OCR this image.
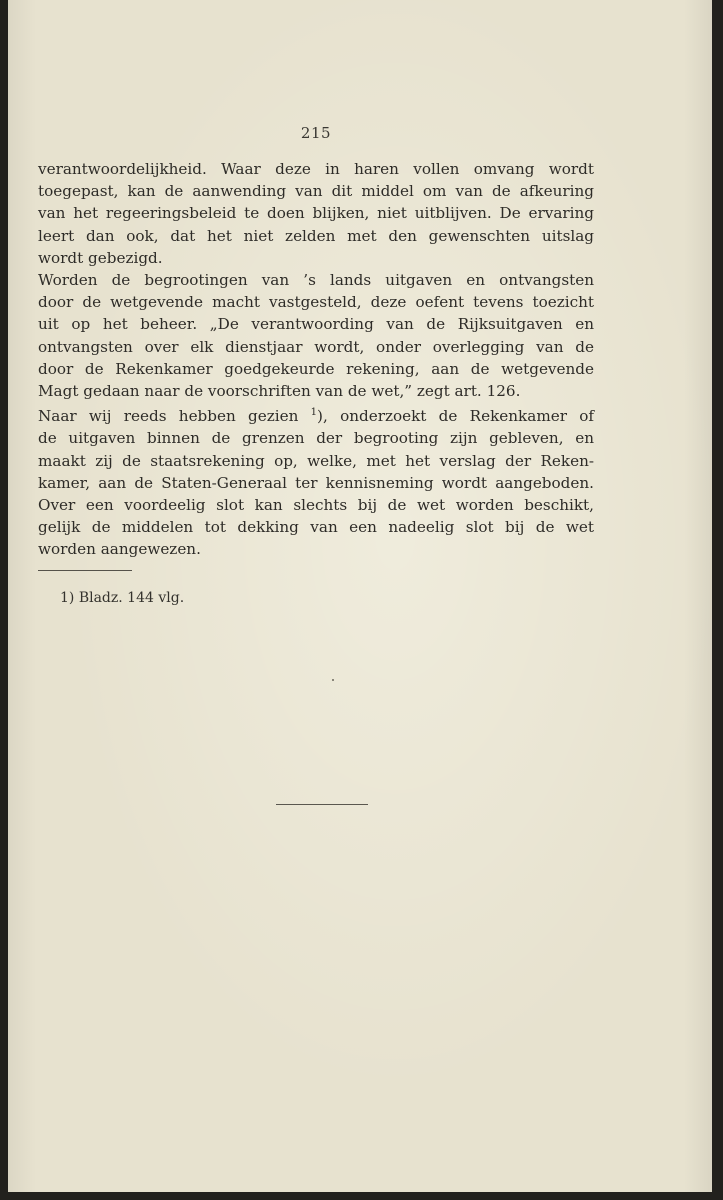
215
verantwoordelijkheid. Waar deze in haren vollen omvang wordt
toegepast, kan de aanwending van dit middel om van de afkeuring
van het regeeringsbeleid te doen blijken, niet uitblijven. De ervaring
leert dan ook, dat het niet zelden met den gewenschten uitslag
wordt gebezigd.
Worden de begrootingen van ’s lands uitgaven en ontvangsten
door de wetgevende macht vastgesteld, deze oefent tevens toezicht
uit op het beheer. „De verantwoording van de Rijksuitgaven en
ontvangsten over elk dienstjaar wordt, onder overlegging van de
door de Rekenkamer goedgekeurde rekening, aan de wetgevende
Magt gedaan naar de voorschriften van de wet,” zegt art. 126.
Naar wij reeds hebben gezien $^1$), onderzoekt de Rekenkamer of
de uitgaven binnen de grenzen der begrooting zijn gebleven, en
maakt zij de staatsrekening op, welke, met het verslag der Reken-
kamer, aan de Staten-Generaal ter kennisneming wordt aangeboden.
Over een voordeelig slot kan slechts bij de wet worden beschikt,
gelijk de middelen tot dekking van een nadeelig slot bij de wet
worden aangewezen.
1) Bladz. 144 vlg.
